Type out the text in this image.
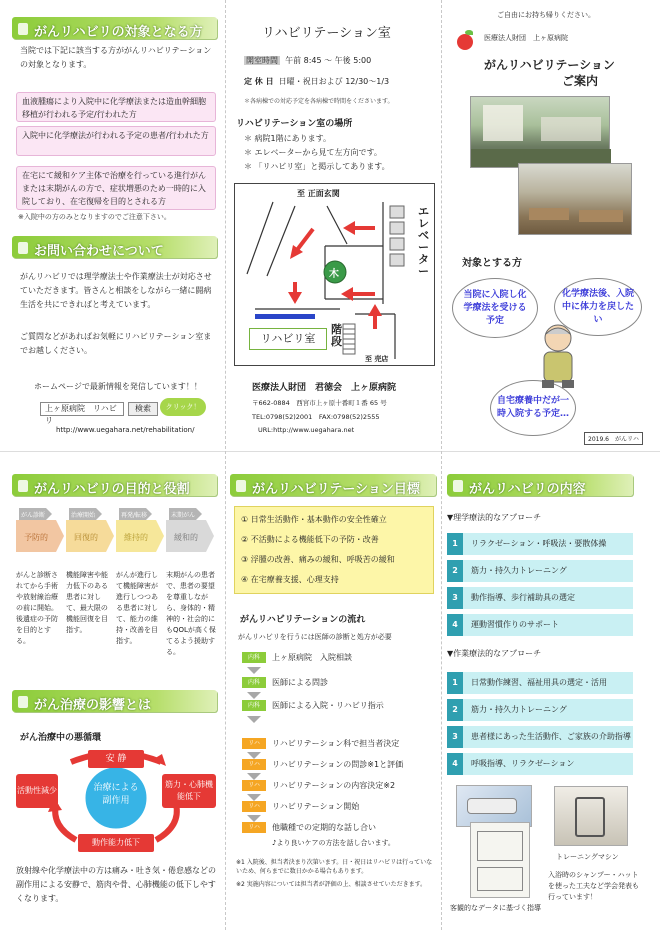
がんリハビリの対象となる方
当院では下記に該当する方ががんリハビリテーションの対象となります。
血液腫瘍により入院中に化学療法または造血幹細胞移植が行われる予定/行われた方
入院中に化学療法が行われる予定の患者/行われた方
在宅にて緩和ケア主体で治療を行っている進行がんまたは末期がんの方で、症状増悪のため一時的に入院しており、在宅復帰を目的とされる方
※入院中の方のみとなりますのでご注意下さい。
お問い合わせについて
がんリハビリでは理学療法士や作業療法士が対応させていただきます。皆さんと相談をしながら一緒に闘病生活を共にできればと考えています。
ご質問などがあればお気軽にリハビリテーション室までお越しください。
ホームページで最新情報を発信しています！！
上ヶ原病院　リハビリ
検索	クリック！
http://www.uegahara.net/rehabilitation/
リハビリテーション室
開室時間 午前 8:45 〜 午後 5:00
定 休 日 日曜・祝日および 12/30〜1/3
＊各病棟での対応予定を各病棟で時間をくださいます。
リハビリテーション室の場所
＊ 病院1階にあります。
＊ エレベーターから見て左方向です。
＊ 「リハビリ室」と掲示してあります。
至 正面玄関
エレベーター
木
リハビリ室
階段
至 売店
医療法人財団　君徳会　上ヶ原病院
〒662-0884　西宮市上ヶ原十番町１番 65 号
TEL:0798(52)2001　FAX:0798(52)2555
URL:http://www.uegahara.net
ご自由にお持ち帰りください。
医療法人財団　上ヶ原病院
がんリハビリテーション
ご案内
対象とする方
当院に入院し化学療法を受ける予定
化学療法後、入院中に体力を戻したい
自宅療養中だが一時入院する予定…
2019.6　がんリハ
がんリハビリの目的と役割
がん診断	治療開始	再発/転移	末期がん
予防的	回復的	維持的	緩和的
がんと診断されてから手術や放射線治療の前に開始。後遺症の予防を目的とする。
機能障害や能力低下のある患者に対して、最大限の機能回復を目指す。
がんが進行して機能障害が進行しつつある患者に対して、能力の維持・改善を目指す。
末期がんの患者で、患者の要望を尊重しながら、身体的・精神的・社会的にもQOLが高く保てるよう援助する。
がん治療の影響とは
がん治療中の悪循環
安 静
筋力・心肺機能低下
動作能力低下
活動性減少	治療による副作用
放射線や化学療法中の方は痛み・吐き気・倦怠感などの副作用による安静で、筋肉や骨、心肺機能の低下しやすくなります。
がんリハビリテーション目標
① 日常生活動作・基本動作の安全性確立
② 不活動による機能低下の予防・改善
③ 浮腫の改善、痛みの緩和、呼吸苦の緩和
④ 在宅療養支援、心理支持
がんリハビリテーションの流れ
がんリハビリを行うには医師の診断と処方が必要
内科	上ヶ原病院　入院相談
内科	医師による問診
内科	医師による入院・リハビリ指示
リハ	リハビリテーション科で担当者決定
リハ	リハビリテーションの問診※1と評価
リハ	リハビリテーションの内容決定※2
リハ	リハビリテーション開始
リハ	他職種での定期的な話し合い
♪より良いケアの方法を話し合います。
※1 入院後、担当者決まり次第います。日・祝日はリハビリは行っていないため、何らまでに数日かかる場合もあります。
※2 実施内容については担当者が評価の上、相談させていただきます。
がんリハビリの内容
▼理学療法的なアプローチ
1	リラクゼーション・呼吸法・要散体操
2	筋力・持久力トレーニング
3	動作指導、歩行補助具の選定
4	運動習慣作りのサポート
▼作業療法的なアプローチ
1	日常動作練習、福祉用具の選定・活用
2	筋力・持久力トレーニング
3	患者様にあった生活動作、ご家族の介助指導
4	呼吸指導、リラクゼーション
トレーニングマシン
入浴時のシャンプー・ハットを使った工夫など学会発表も行っています！
客観的なデータに基づく指導
